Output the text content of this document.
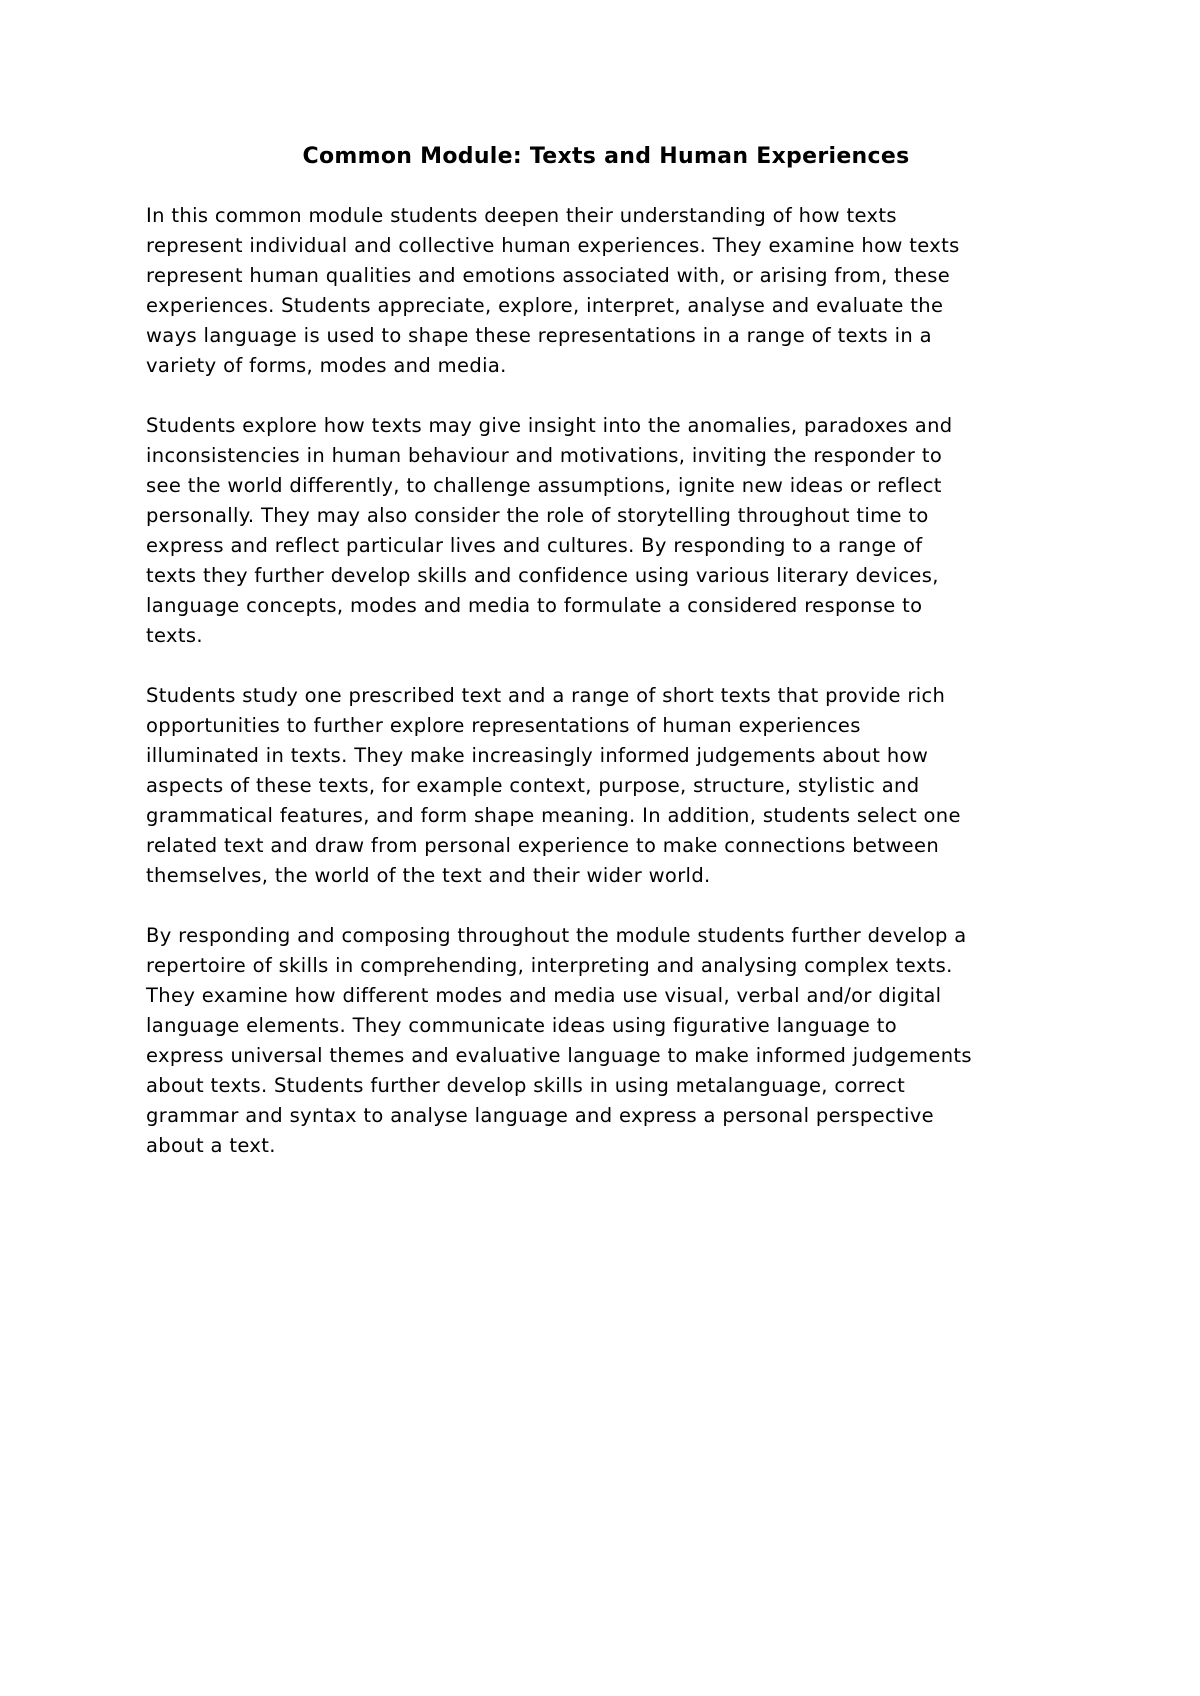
Common Module: Texts and Human Experiences

In this common module students deepen their understanding of how texts
represent individual and collective human experiences. They examine how texts
represent human qualities and emotions associated with, or arising from, these
experiences. Students appreciate, explore, interpret, analyse and evaluate the
ways language is used to shape these representations in a range of texts in a
variety of forms, modes and media.

Students explore how texts may give insight into the anomalies, paradoxes and
inconsistencies in human behaviour and motivations, inviting the responder to
see the world differently, to challenge assumptions, ignite new ideas or reflect
personally. They may also consider the role of storytelling throughout time to
express and reflect particular lives and cultures. By responding to a range of
texts they further develop skills and confidence using various literary devices,
language concepts, modes and media to formulate a considered response to
texts.

Students study one prescribed text and a range of short texts that provide rich
opportunities to further explore representations of human experiences
illuminated in texts. They make increasingly informed judgements about how
aspects of these texts, for example context, purpose, structure, stylistic and
grammatical features, and form shape meaning. In addition, students select one
related text and draw from personal experience to make connections between
themselves, the world of the text and their wider world.

By responding and composing throughout the module students further develop a
repertoire of skills in comprehending, interpreting and analysing complex texts.
They examine how different modes and media use visual, verbal and/or digital
language elements. They communicate ideas using figurative language to
express universal themes and evaluative language to make informed judgements
about texts. Students further develop skills in using metalanguage, correct
grammar and syntax to analyse language and express a personal perspective
about a text.
